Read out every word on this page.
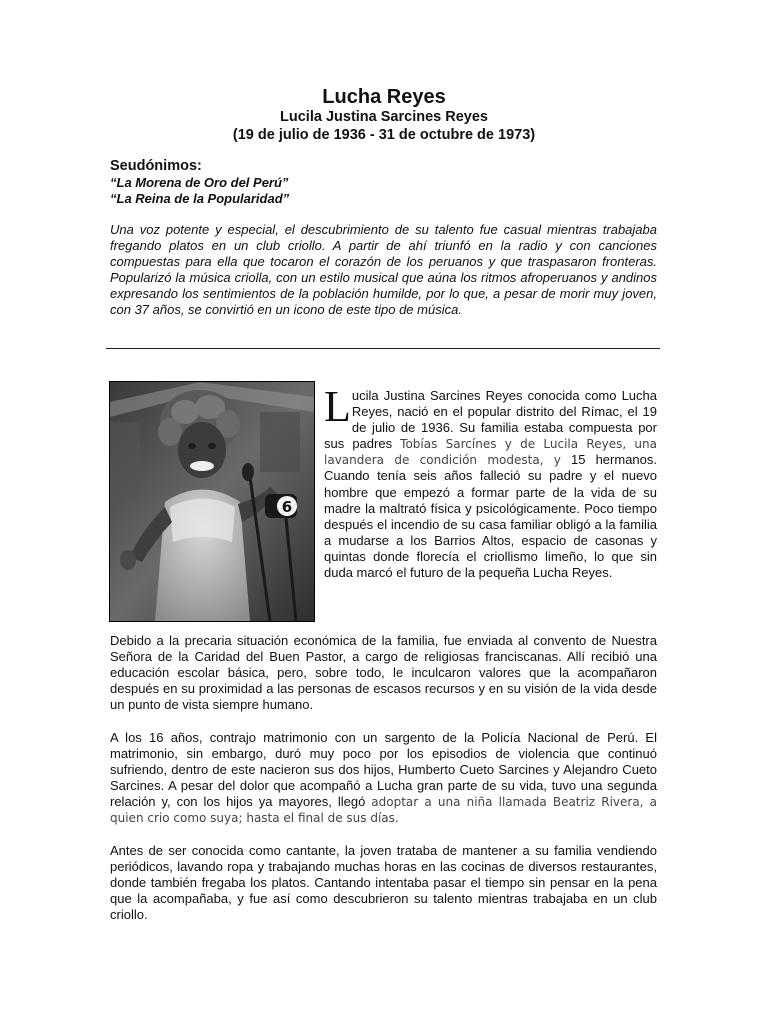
Lucha Reyes
Lucila Justina Sarcines Reyes
(19 de julio de 1936 - 31 de octubre de 1973)
Seudónimos:
“La Morena de Oro del Perú”
“La Reina de la Popularidad”

Una voz potente y especial, el descubrimiento de su talento fue casual mientras trabajaba fregando platos en un club criollo. A partir de ahí triunfó en la radio y con canciones compuestas para ella que tocaron el corazón de los peruanos y que traspasaron fronteras. Popularizó la música criolla, con un estilo musical que aúna los ritmos afroperuanos y andinos expresando los sentimientos de la población humilde, por lo que, a pesar de morir muy joven, con 37 años, se convirtió en un icono de este tipo de música.

6

Lucila Justina Sarcines Reyes conocida como Lucha Reyes, nació en el popular distrito del Rímac, el 19 de julio de 1936. Su familia estaba compuesta por sus padres Tobías Sarcínes y de Lucila Reyes, una lavandera de condición modesta, y 15 hermanos. Cuando tenía seis años falleció su padre y el nuevo hombre que empezó a formar parte de la vida de su madre la maltrató física y psicológicamente. Poco tiempo después el incendio de su casa familiar obligó a la familia a mudarse a los Barrios Altos, espacio de casonas y quintas donde florecía el criollismo limeño, lo que sin duda marcó el futuro de la pequeña Lucha Reyes.

Debido a la precaria situación económica de la familia, fue enviada al convento de Nuestra Señora de la Caridad del Buen Pastor, a cargo de religiosas franciscanas. Allí recibió una educación escolar básica, pero, sobre todo, le inculcaron valores que la acompañaron después en su proximidad a las personas de escasos recursos y en su visión de la vida desde un punto de vista siempre humano.

A los 16 años, contrajo matrimonio con un sargento de la Policía Nacional de Perú. El matrimonio, sin embargo, duró muy poco por los episodios de violencia que continuó sufriendo, dentro de este nacieron sus dos hijos, Humberto Cueto Sarcines y Alejandro Cueto Sarcines. A pesar del dolor que acompañó a Lucha gran parte de su vida, tuvo una segunda relación y, con los hijos ya mayores, llegó adoptar a una niña llamada Beatriz Rivera, a quien crio como suya; hasta el final de sus días.

Antes de ser conocida como cantante, la joven trataba de mantener a su familia vendiendo periódicos, lavando ropa y trabajando muchas horas en las cocinas de diversos restaurantes, donde también fregaba los platos. Cantando intentaba pasar el tiempo sin pensar en la pena que la acompañaba, y fue así como descubrieron su talento mientras trabajaba en un club criollo.
